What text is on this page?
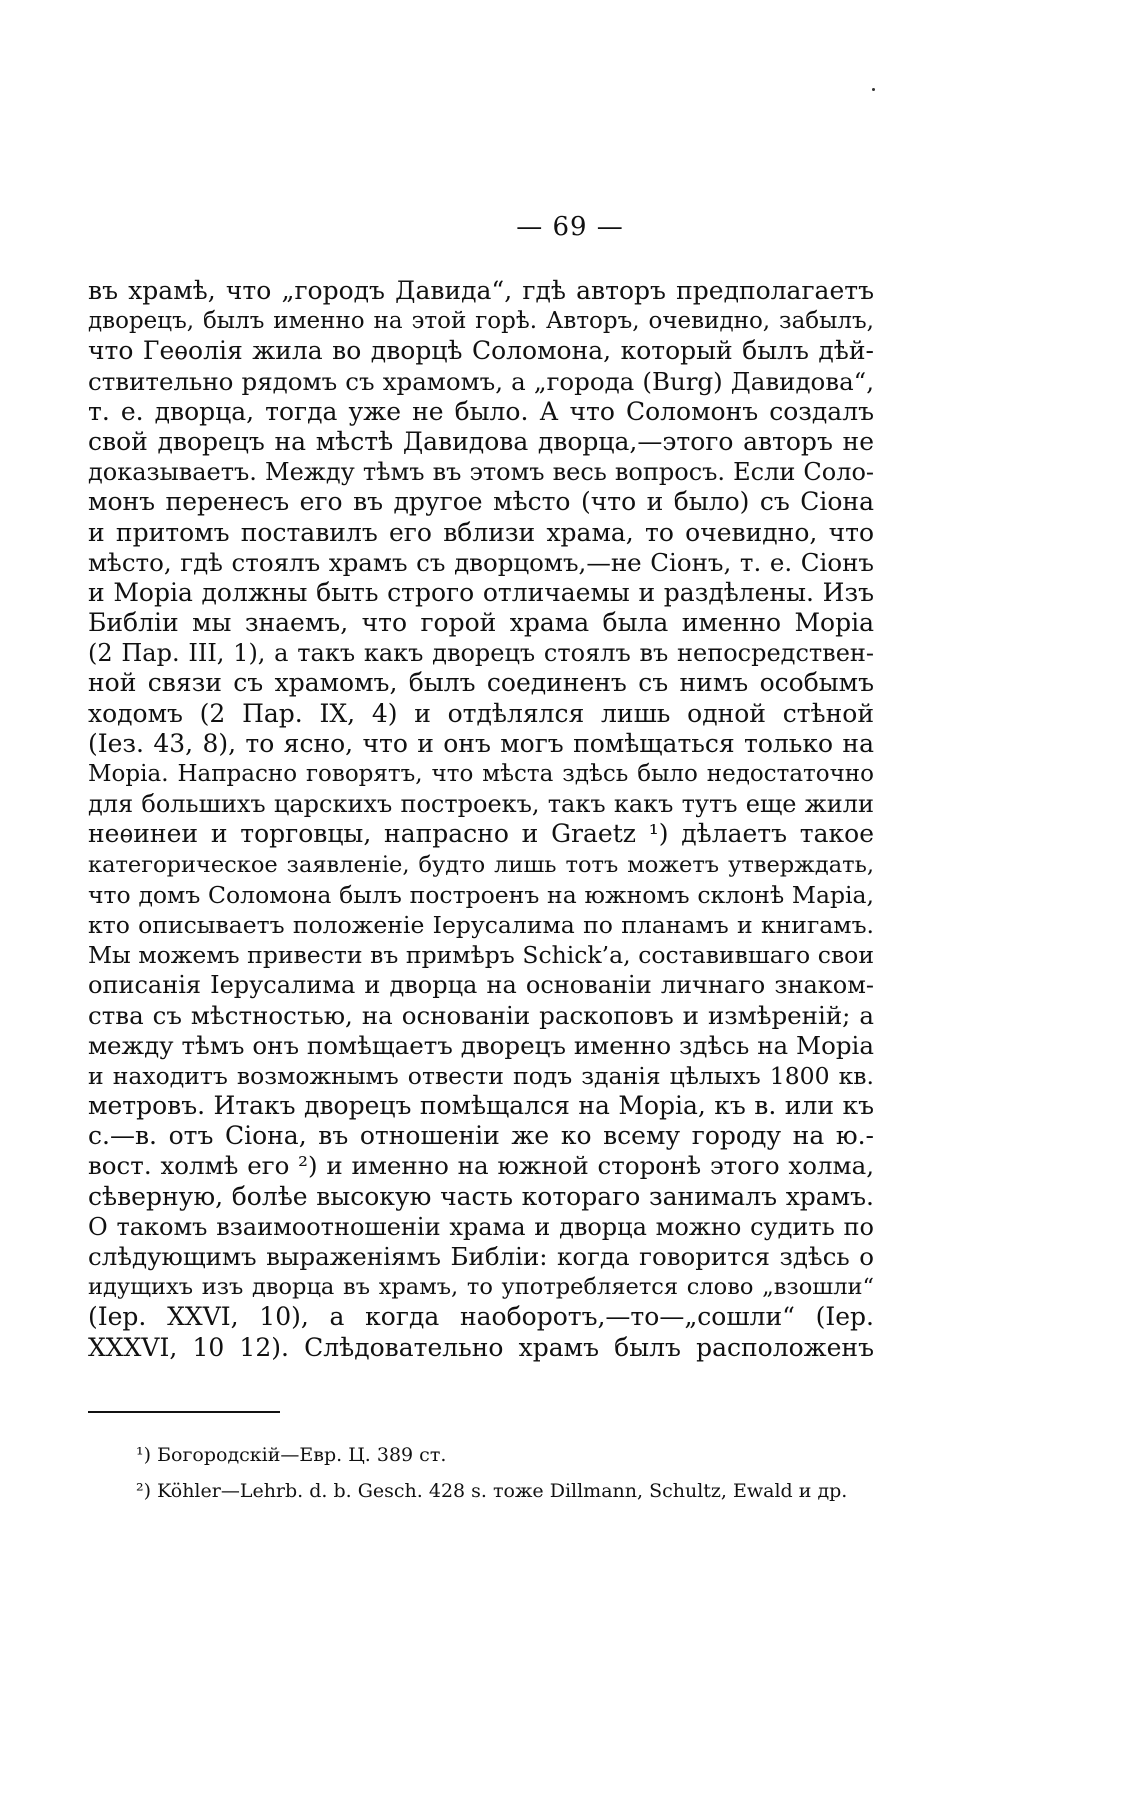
— 69 —
въ храмѣ, что „городъ Давида“, гдѣ авторъ предполагаетъ
дворецъ, былъ именно на этой горѣ. Авторъ, очевидно, забылъ,
что Геѳолія жила во дворцѣ Соломона, который былъ дѣй-
ствительно рядомъ съ храмомъ, а „города (Burg) Давидова“,
т. е. дворца, тогда уже не было. А что Соломонъ создалъ
свой дворецъ на мѣстѣ Давидова дворца,—этого авторъ не
доказываетъ. Между тѣмъ въ этомъ весь вопросъ. Если Соло-
монъ перенесъ его въ другое мѣсто (что и было) съ Сіона
и притомъ поставилъ его вблизи храма, то очевидно, что
мѣсто, гдѣ стоялъ храмъ съ дворцомъ,—не Сіонъ, т. е. Сіонъ
и Моріа должны быть строго отличаемы и раздѣлены. Изъ
Библіи мы знаемъ, что горой храма была именно Моріа
(2 Пар. III, 1), а такъ какъ дворецъ стоялъ въ непосредствен-
ной связи съ храмомъ, былъ соединенъ съ нимъ особымъ
ходомъ (2 Пар. IX, 4) и отдѣлялся лишь одной стѣной
(Iез. 43, 8), то ясно, что и онъ могъ помѣщаться только на
Моріа. Напрасно говорятъ, что мѣста здѣсь было недостаточно
для большихъ царскихъ построекъ, такъ какъ тутъ еще жили
неѳинеи и торговцы, напрасно и Graetz ¹) дѣлаетъ такое
категорическое заявленіе, будто лишь тотъ можетъ утверждать,
что домъ Соломона былъ построенъ на южномъ склонѣ Маріа,
кто описываетъ положеніе Іерусалима по планамъ и книгамъ.
Мы можемъ привести въ примѣръ Schick’a, составившаго свои
описанія Іерусалима и дворца на основаніи личнаго знаком-
ства съ мѣстностью, на основаніи раскоповъ и измѣреній; а
между тѣмъ онъ помѣщаетъ дворецъ именно здѣсь на Моріа
и находитъ возможнымъ отвести подъ зданія цѣлыхъ 1800 кв.
метровъ. Итакъ дворецъ помѣщался на Моріа, къ в. или къ
с.—в. отъ Сіона, въ отношеніи же ко всему городу на ю.-
вост. холмѣ его ²) и именно на южной сторонѣ этого холма,
сѣверную, болѣе высокую часть котораго занималъ храмъ.
О такомъ взаимоотношеніи храма и дворца можно судить по
слѣдующимъ выраженіямъ Библіи: когда говорится здѣсь о
идущихъ изъ дворца въ храмъ, то употребляется слово „взошли“
(Iер. XXVI, 10), а когда наоборотъ,—то—„сошли“ (Iер.
XXXVI, 10 12). Слѣдовательно храмъ былъ расположенъ
¹) Богородскій—Евр. Ц. 389 ст.
²) Köhler—Lehrb. d. b. Gesch. 428 s. тоже Dillmann, Schultz, Ewald и др.
